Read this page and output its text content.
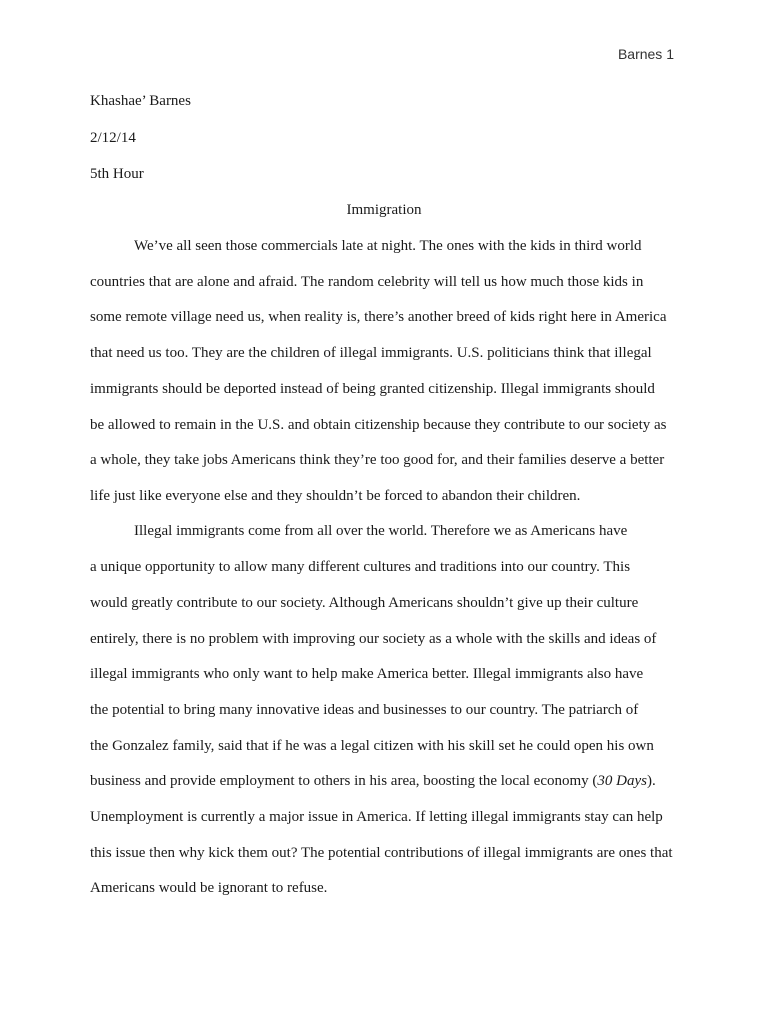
Barnes 1
Khashae’ Barnes
2/12/14
5th Hour
Immigration
We’ve all seen those commercials late at night. The ones with the kids in third world
countries that are alone and afraid. The random celebrity will tell us how much those kids in
some remote village need us, when reality is, there’s another breed of kids right here in America
that need us too. They are the children of illegal immigrants. U.S. politicians think that illegal
immigrants should be deported instead of being granted citizenship. Illegal immigrants should
be allowed to remain in the U.S. and obtain citizenship because they contribute to our society as
a whole, they take jobs Americans think they’re too good for, and their families deserve a better
life just like everyone else and they shouldn’t be forced to abandon their children.
Illegal immigrants come from all over the world. Therefore we as Americans have
a unique opportunity to allow many different cultures and traditions into our country. This
would greatly contribute to our society. Although Americans shouldn’t give up their culture
entirely, there is no problem with improving our society as a whole with the skills and ideas of
illegal immigrants who only want to help make America better. Illegal immigrants also have
the potential to bring many innovative ideas and businesses to our country. The patriarch of
the Gonzalez family, said that if he was a legal citizen with his skill set he could open his own
business and provide employment to others in his area, boosting the local economy (30 Days).
Unemployment is currently a major issue in America. If letting illegal immigrants stay can help
this issue then why kick them out? The potential contributions of illegal immigrants are ones that
Americans would be ignorant to refuse.
